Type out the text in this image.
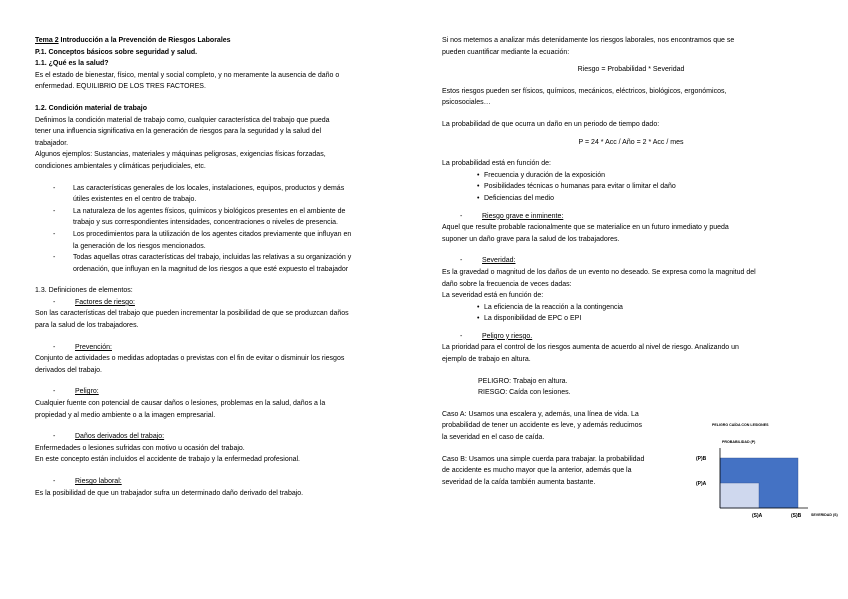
Tema 2 Introducción a la Prevención de Riesgos Laborales

P.1. Conceptos básicos sobre seguridad y salud.

1.1. ¿Qué es la salud?

Es el estado de bienestar, físico, mental y social completo, y no meramente la ausencia de daño o

enfermedad. EQUILIBRIO DE LOS TRES FACTORES.

1.2. Condición material de trabajo

Definimos la condición material de trabajo como, cualquier característica del trabajo que pueda

tener una influencia significativa en la generación de riesgos para la seguridad y la salud del

trabajador.

Algunos ejemplos: Sustancias, materiales y máquinas peligrosas, exigencias físicas forzadas,

condiciones ambientales y climáticas perjudiciales, etc.

- Las características generales de los locales, instalaciones, equipos, productos y demás
útiles existentes en el centro de trabajo.
- La naturaleza de los agentes físicos, químicos y biológicos presentes en el ambiente de
trabajo y sus correspondientes intensidades, concentraciones o niveles de presencia.
- Los procedimientos para la utilización de los agentes citados previamente que influyan en
la generación de los riesgos mencionados.
- Todas aquellas otras características del trabajo, incluidas las relativas a su organización y
ordenación, que influyan en la magnitud de los riesgos a que esté expuesto el trabajador

1.3. Definiciones de elementos:

- Factores de riesgo:

Son las características del trabajo que pueden incrementar la posibilidad de que se produzcan daños

para la salud de los trabajadores.

- Prevención:

Conjunto de actividades o medidas adoptadas o previstas con el fin de evitar o disminuir los riesgos

derivados del trabajo.

- Peligro:

Cualquier fuente con potencial de causar daños o lesiones, problemas en la salud, daños a la

propiedad y al medio ambiente o a la imagen empresarial.

- Daños derivados del trabajo:

Enfermedades o lesiones sufridas con motivo u ocasión del trabajo.

En este concepto están incluidos el accidente de trabajo y la enfermedad profesional.

- Riesgo laboral:

Es la posibilidad de que un trabajador sufra un determinado daño derivado del trabajo.

Si nos metemos a analizar más detenidamente los riesgos laborales, nos encontramos que se

pueden cuantificar mediante la ecuación:

Riesgo = Probabilidad * Severidad

Estos riesgos pueden ser físicos, químicos, mecánicos, eléctricos, biológicos, ergonómicos,

psicosociales…

La probabilidad de que ocurra un daño en un periodo de tiempo dado:

P = 24 * Acc / Año = 2 * Acc / mes

La probabilidad está en función de:

• Frecuencia y duración de la exposición

• Posibilidades técnicas o humanas para evitar o limitar el daño

• Deficiencias del medio

- Riesgo grave e inminente:

Aquel que resulte probable racionalmente que se materialice en un futuro inmediato y pueda

suponer un daño grave para la salud de los trabajadores.

- Severidad:

Es la gravedad o magnitud de los daños de un evento no deseado. Se expresa como la magnitud del

daño sobre la frecuencia de veces dadas:

La severidad está en función de:

• La eficiencia de la reacción a la contingencia

• La disponibilidad de EPC o EPI

- Peligro y riesgo.

La prioridad para el control de los riesgos aumenta de acuerdo al nivel de riesgo. Analizando un

ejemplo de trabajo en altura.

PELIGRO: Trabajo en altura.

RIESGO: Caída con lesiones.

Caso A: Usamos una escalera y, además, una línea de vida. La

probabilidad de tener un accidente es leve, y además reducimos

la severidad en el caso de caída.

Caso B: Usamos una simple cuerda para trabajar. la probabilidad

de accidente es mucho mayor que la anterior, además que la

severidad de la caída también aumenta bastante.

PELIGRO CAÍDA CON LESIONES
PROBABILIDAD (P)
SEVERIDAD (S)
(P)B
(P)A
(S)A	(S)B
